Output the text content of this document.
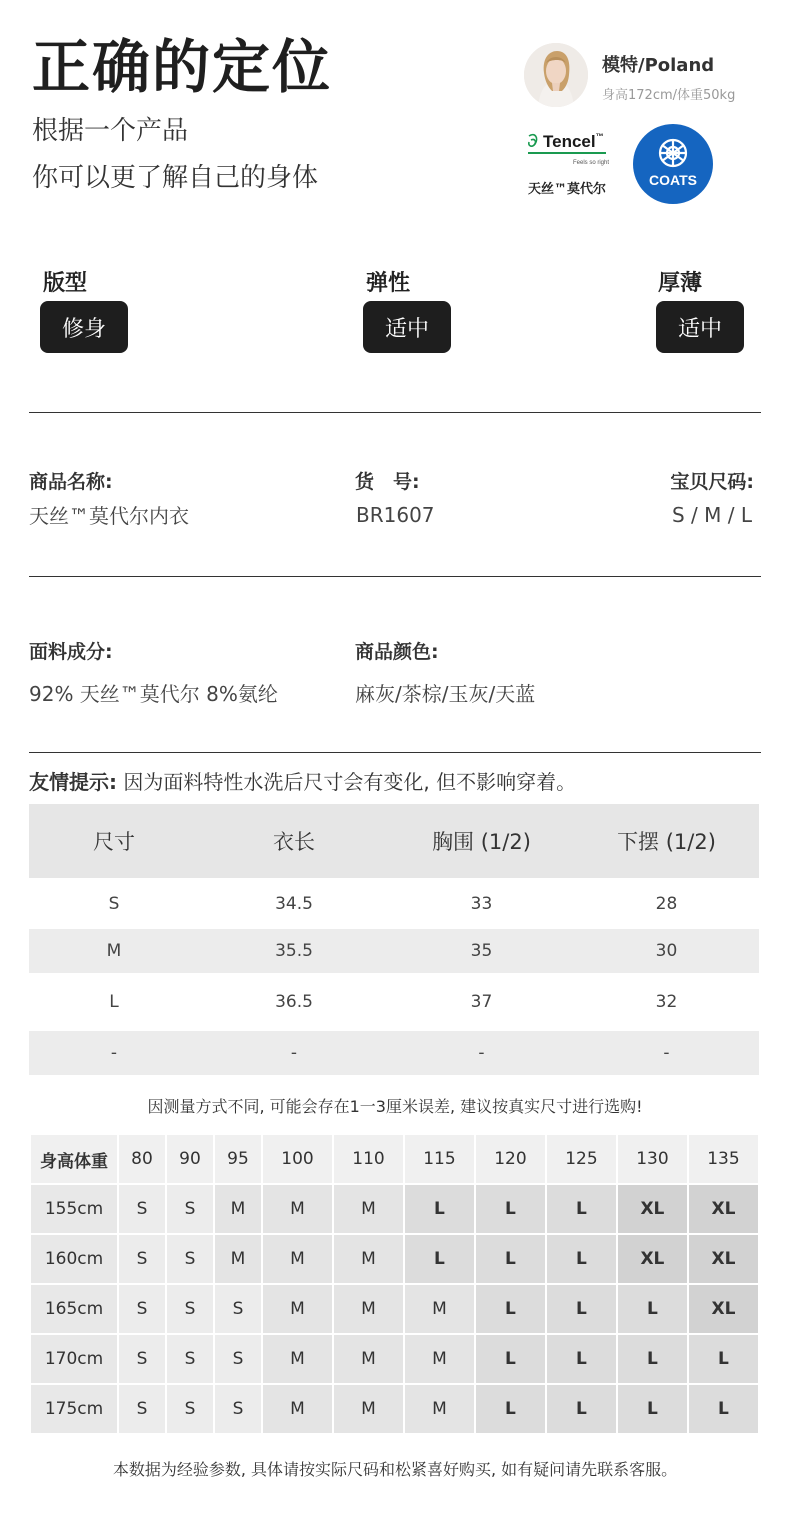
正确的定位
根据一个产品
你可以更了解自己的身体
模特/Poland
身高172cm/体重50kg
Tencel™
Feels so right
天丝™莫代尔
COATS
版型
修身
弹性
适中
厚薄
适中
商品名称:
天丝™莫代尔内衣
货　号:
BR1607
宝贝尺码:
S / M / L
面料成分:
92% 天丝™莫代尔 8%氨纶
商品颜色:
麻灰/茶棕/玉灰/天蓝
友情提示: 因为面料特性水洗后尺寸会有变化, 但不影响穿着。
尺寸	衣长	胸围 (1/2)	下摆 (1/2)
S	34.5	33	28
M	35.5	35	30
L	36.5	37	32
-	-	-	-
因测量方式不同, 可能会存在1一3厘米误差, 建议按真实尺寸进行选购!
身高体重	80	90	95	100	110	115	120	125	130	135
155cm	S	S	M	M	M	L	L	L	XL	XL
160cm	S	S	M	M	M	L	L	L	XL	XL
165cm	S	S	S	M	M	M	L	L	L	XL
170cm	S	S	S	M	M	M	L	L	L	L
175cm	S	S	S	M	M	M	L	L	L	L
本数据为经验参数, 具体请按实际尺码和松紧喜好购买, 如有疑问请先联系客服。
